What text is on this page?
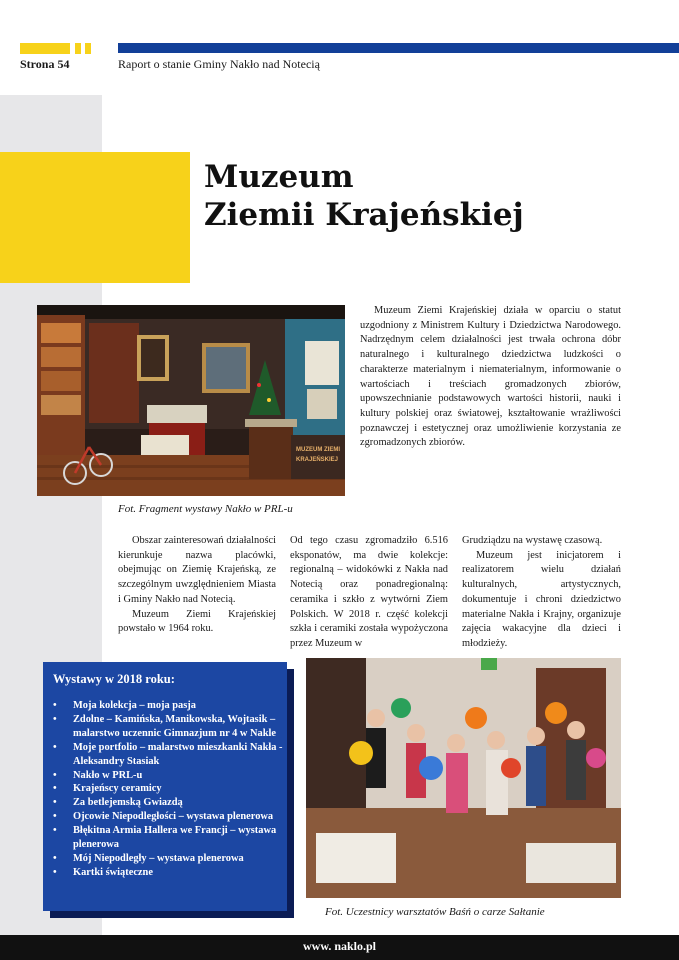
Strona 54	Raport o stanie Gminy Nakło nad Notecią
Muzeum
Ziemii Krajeńskiej
MUZEUM ZIEMI
KRAJEŃSKIEJ
Fot. Fragment wystawy Nakło w PRL-u
Muzeum Ziemi Krajeńskiej działa w oparciu o statut uzgodniony z Ministrem Kultury i Dziedzictwa Narodowego. Nadrzędnym celem działalności jest trwała ochrona dóbr naturalnego i kulturalnego dziedzictwa ludzkości o charakterze materialnym i niematerialnym, informowanie o wartościach i treściach gromadzonych zbiorów, upowszechnianie podstawowych wartości historii, nauki i kultury polskiej oraz światowej, kształtowanie wrażliwości poznawczej i estetycznej oraz umożliwienie korzystania ze zgromadzonych zbiorów.

Obszar zainteresowań działalności kierunkuje nazwa placówki, obejmując on Ziemię Krajeńską, ze szczególnym uwzględnieniem Miasta i Gminy Nakło nad Notecią.

Muzeum Ziemi Krajeńskiej powstało w 1964 roku.

Od tego czasu zgromadziło 6.516 eksponatów, ma dwie kolekcje: regionalną – widokówki z Nakła nad Notecią oraz ponadregionalną: ceramika i szkło z wytwórni Ziem Polskich. W 2018 r. część kolekcji szkła i ceramiki została wypożyczona przez Muzeum w

Grudziądzu na wystawę czasową.

Muzeum jest inicjatorem i realizatorem wielu działań kulturalnych, artystycznych, dokumentuje i chroni dziedzictwo materialne Nakła i Krajny, organizuje zajęcia wakacyjne dla dzieci i młodzieży.

Wystawy w 2018 roku:
• Moja kolekcja – moja pasja
• Zdolne – Kamińska, Manikowska, Wojtasik – malarstwo uczennic Gimnazjum nr 4 w Nakle
• Moje portfolio – malarstwo mieszkanki Nakła - Aleksandry Stasiak
• Nakło w PRL-u
• Krajeńscy ceramicy
• Za betlejemską Gwiazdą
• Ojcowie Niepodległości – wystawa plenerowa
• Błękitna Armia Hallera we Francji – wystawa plenerowa
• Mój Niepodległy – wystawa plenerowa
• Kartki świąteczne
Fot. Uczestnicy warsztatów Baśń o carze Sałtanie
www. naklo.pl
